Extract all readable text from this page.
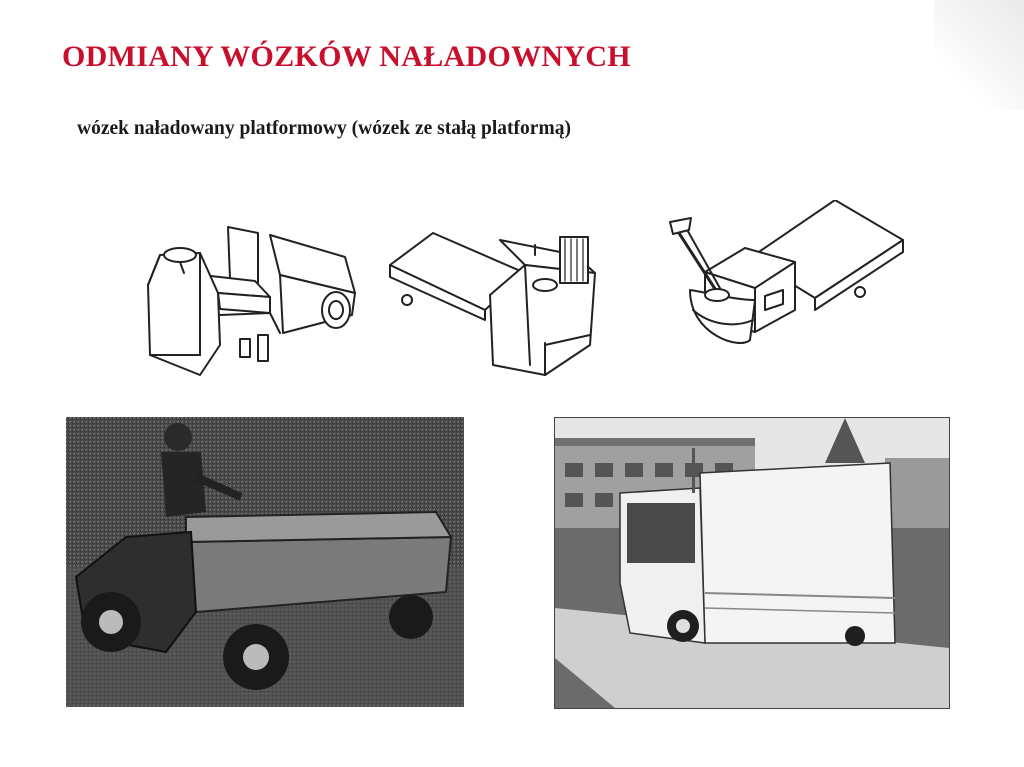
ODMIANY WÓZKÓW NAŁADOWNYCH
wózek naładowany platformowy (wózek ze stałą platformą)
